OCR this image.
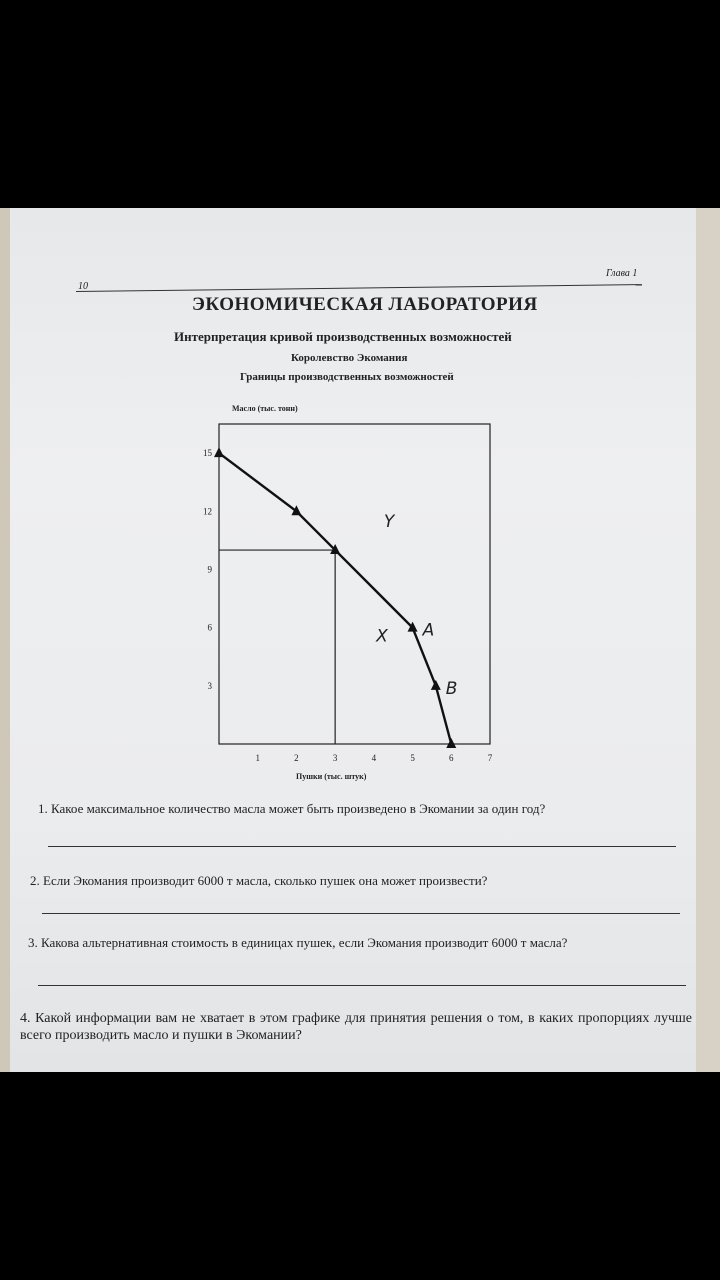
10
Глава 1
ЭКОНОМИЧЕСКАЯ ЛАБОРАТОРИЯ
Интерпретация кривой производственных возможностей
Королевство Экомания
Границы производственных возможностей
Масло (тыс. тонн)
Пушки (тыс. штук)
1	2	3	4	5	6	7
3
6
9
12
15
A
B
X
Y
1. Какое максимальное количество масла может быть произведено в Экомании за один год?
2. Если Экомания производит 6000 т масла, сколько пушек она может произвести?
3. Какова альтернативная стоимость в единицах пушек, если Экомания производит 6000 т масла?
4. Какой информации вам не хватает в этом графике для принятия решения о том, в каких пропорциях лучше всего производить масло и пушки в Экомании?
